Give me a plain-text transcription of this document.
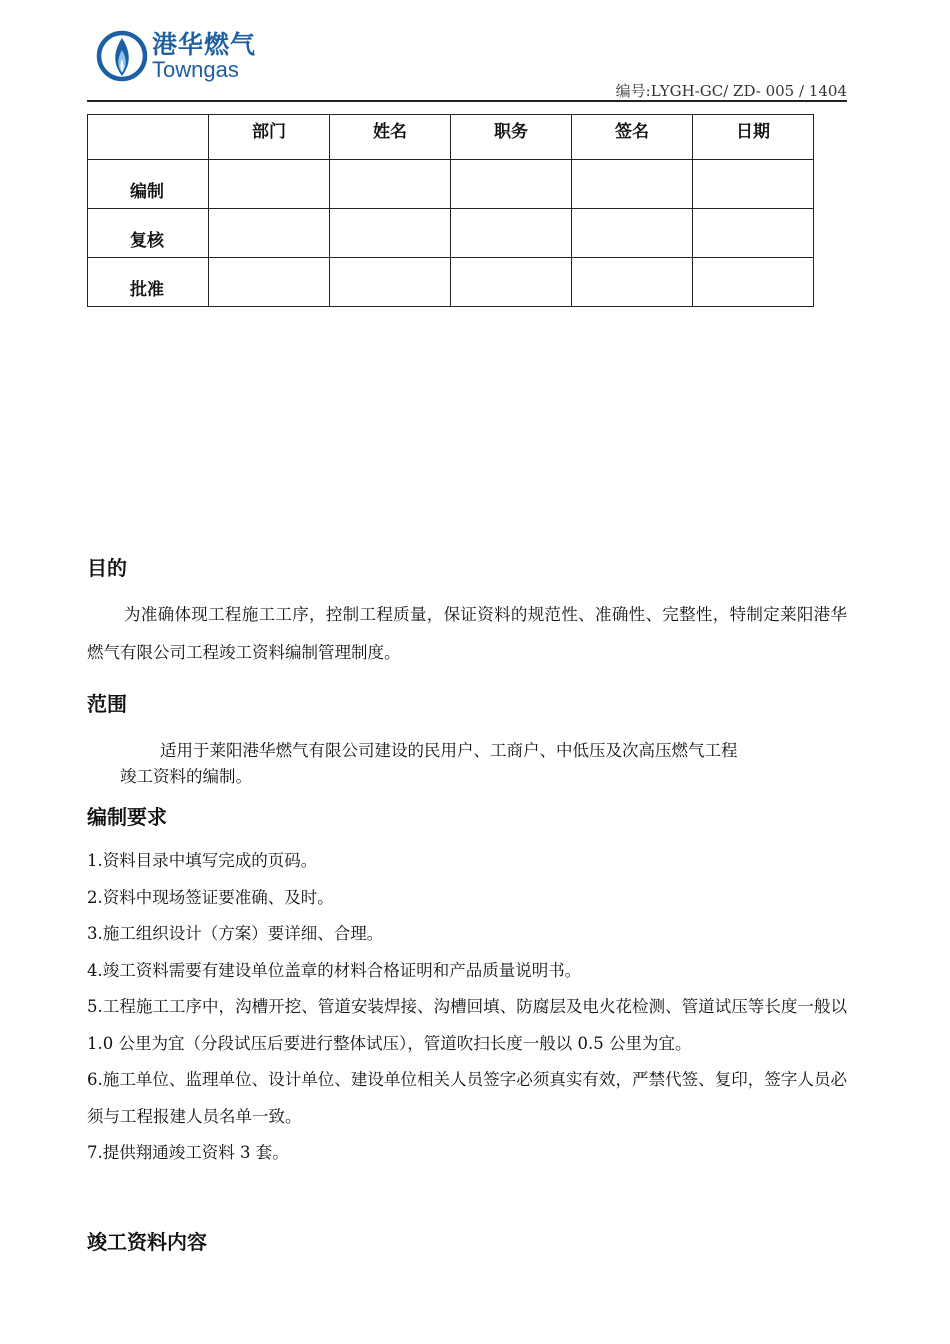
港华燃气
Towngas
编号:LYGH-GC/ ZD- 005 / 1404
	部门	姓名	职务	签名	日期
编制					
复核					
批准					
目的
为准确体现工程施工工序，控制工程质量，保证资料的规范性、准确性、完整性，特制定莱阳港华燃气有限公司工程竣工资料编制管理制度。
范围
适用于莱阳港华燃气有限公司建设的民用户、工商户、中低压及次高压燃气工程
竣工资料的编制。
编制要求

1.资料目录中填写完成的页码。

2.资料中现场签证要准确、及时。

3.施工组织设计（方案）要详细、合理。

4.竣工资料需要有建设单位盖章的材料合格证明和产品质量说明书。

5.工程施工工序中，沟槽开挖、管道安装焊接、沟槽回填、防腐层及电火花检测、管道试压等长度一般以 1.0 公里为宜（分段试压后要进行整体试压），管道吹扫长度一般以 0.5 公里为宜。

6.施工单位、监理单位、设计单位、建设单位相关人员签字必须真实有效，严禁代签、复印，签字人员必须与工程报建人员名单一致。

7.提供翔通竣工资料 3 套。

竣工资料内容
